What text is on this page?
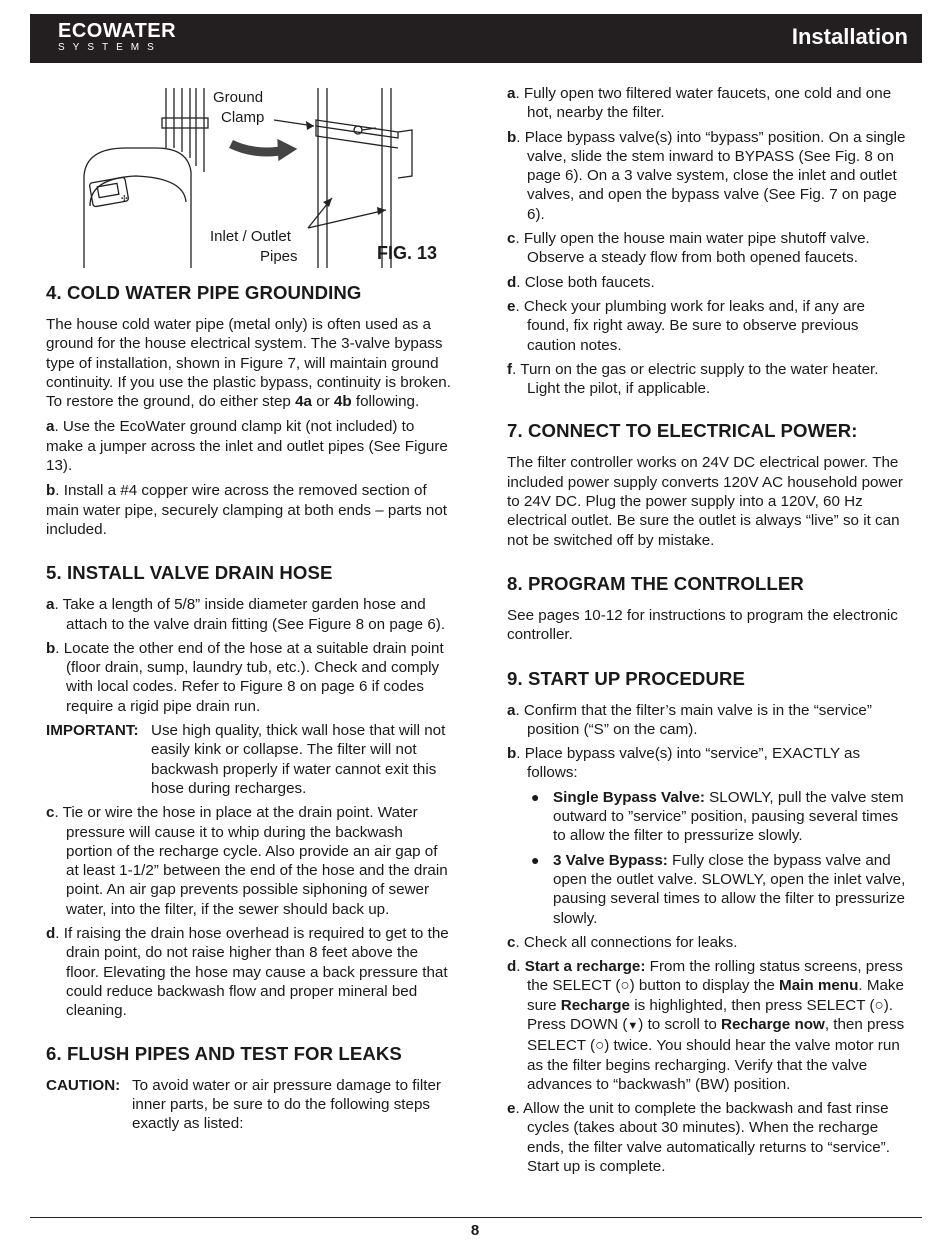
ECOWATER
SYSTEMS	Installation
✣
Ground
Clamp
Inlet / Outlet
Pipes	FIG. 13
4. COLD WATER PIPE GROUNDING

The house cold water pipe (metal only) is often used as a ground for the house electrical system. The 3-valve bypass type of installation, shown in Figure 7, will maintain ground continuity. If you use the plastic bypass, continuity is broken. To restore the ground, do either step 4a or 4b following.

a. Use the EcoWater ground clamp kit (not included) to make a jumper across the inlet and outlet pipes (See Figure 13).

b. Install a #4 copper wire across the removed section of main water pipe, securely clamping at both ends – parts not included.

5. INSTALL VALVE DRAIN HOSE
a. Take a length of 5/8” inside diameter garden hose and attach to the valve drain fitting (See Figure 8 on page 6).
b. Locate the other end of the hose at a suitable drain point (floor drain, sump, laundry tub, etc.). Check and comply with local codes. Refer to Figure 8 on page 6 if codes require a rigid pipe drain run.
IMPORTANT: Use high quality, thick wall hose that will not easily kink or collapse. The filter will not backwash properly if water cannot exit this hose during recharges.
c. Tie or wire the hose in place at the drain point. Water pressure will cause it to whip during the backwash portion of the recharge cycle. Also provide an air gap of at least 1-1/2” between the end of the hose and the drain point. An air gap prevents possible siphoning of sewer water, into the filter, if the sewer should back up.
d. If raising the drain hose overhead is required to get to the drain point, do not raise higher than 8 feet above the floor. Elevating the hose may cause a back pressure that could reduce backwash flow and proper mineral bed cleaning.
6. FLUSH PIPES AND TEST FOR LEAKS
CAUTION: To avoid water or air pressure damage to filter inner parts, be sure to do the following steps exactly as listed:
a. Fully open two filtered water faucets, one cold and one hot, nearby the filter.
b. Place bypass valve(s) into “bypass” position. On a single valve, slide the stem inward to BYPASS (See Fig. 8 on page 6). On a 3 valve system, close the inlet and outlet valves, and open the bypass valve (See Fig. 7 on page 6).
c. Fully open the house main water pipe shutoff valve. Observe a steady flow from both opened faucets.
d. Close both faucets.
e. Check your plumbing work for leaks and, if any are found, fix right away. Be sure to observe previous caution notes.
f. Turn on the gas or electric supply to the water heater. Light the pilot, if applicable.
7. CONNECT TO ELECTRICAL POWER:

The filter controller works on 24V DC electrical power. The included power supply converts 120V AC household power to 24V DC. Plug the power supply into a 120V, 60 Hz electrical outlet. Be sure the outlet is always “live” so it can not be switched off by mistake.

8. PROGRAM THE CONTROLLER

See pages 10-12 for instructions to program the electronic controller.

9. START UP PROCEDURE
a. Confirm that the filter’s main valve is in the “service” position (“S” on the cam).
b. Place bypass valve(s) into “service”, EXACTLY as follows:
● Single Bypass Valve: SLOWLY, pull the valve stem outward to ”service” position, pausing several times to allow the filter to pressurize slowly.
● 3 Valve Bypass: Fully close the bypass valve and open the outlet valve. SLOWLY, open the inlet valve, pausing several times to allow the filter to pressurize slowly.
c. Check all connections for leaks.
d. Start a recharge: From the rolling status screens, press the SELECT (○) button to display the Main menu. Make sure Recharge is highlighted, then press SELECT (○). Press DOWN (▼) to scroll to Recharge now, then press SELECT (○) twice. You should hear the valve motor run as the filter begins recharging. Verify that the valve advances to “backwash” (BW) position.
e. Allow the unit to complete the backwash and fast rinse cycles (takes about 30 minutes). When the recharge ends, the filter valve automatically returns to “service”. Start up is complete.
8
